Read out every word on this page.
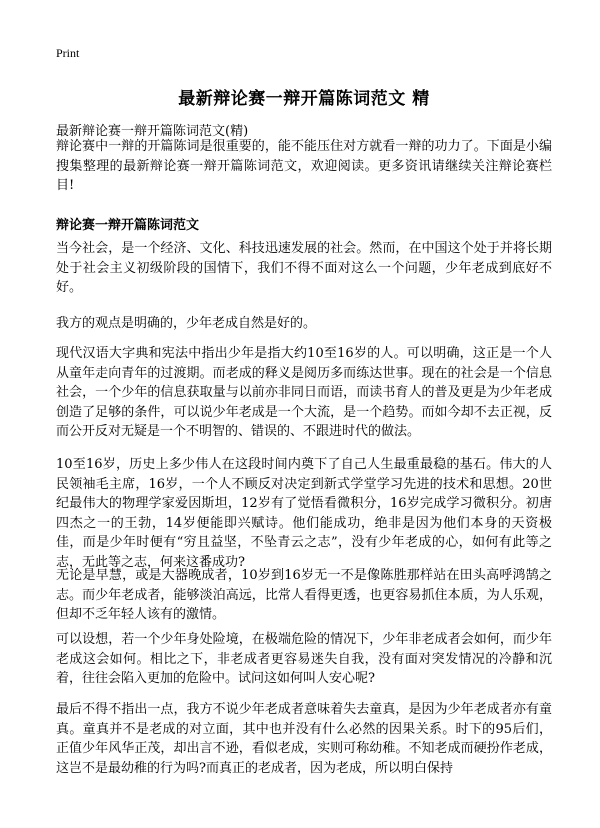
Print
最新辩论赛一辩开篇陈词范文 精
最新辩论赛一辩开篇陈词范文(精)

辩论赛中一辩的开篇陈词是很重要的，能不能压住对方就看一辩的功力了。下面是小编搜集整理的最新辩论赛一辩开篇陈词范文，欢迎阅读。更多资讯请继续关注辩论赛栏目!

辩论赛一辩开篇陈词范文

当今社会，是一个经济、文化、科技迅速发展的社会。然而，在中国这个处于并将长期处于社会主义初级阶段的国情下，我们不得不面对这么一个问题，少年老成到底好不好。

我方的观点是明确的，少年老成自然是好的。

现代汉语大字典和宪法中指出少年是指大约10至16岁的人。可以明确，这正是一个人从童年走向青年的过渡期。而老成的释义是阅历多而练达世事。现在的社会是一个信息社会，一个少年的信息获取量与以前亦非同日而语，而读书育人的普及更是为少年老成创造了足够的条件，可以说少年老成是一个大流，是一个趋势。而如今却不去正视，反而公开反对无疑是一个不明智的、错误的、不跟进时代的做法。

10至16岁，历史上多少伟人在这段时间内奠下了自己人生最重最稳的基石。伟大的人民领袖毛主席，16岁，一个人不顾反对决定到新式学堂学习先进的技术和思想。20世纪最伟大的物理学家爱因斯坦，12岁有了觉悟看微积分，16岁完成学习微积分。初唐四杰之一的王勃，14岁便能即兴赋诗。他们能成功，绝非是因为他们本身的天资极佳，而是少年时便有“穷且益坚，不坠青云之志”，没有少年老成的心，如何有此等之志，无此等之志，何来这番成功?

无论是早慧，或是大器晚成者，10岁到16岁无一不是像陈胜那样站在田头高呼鸿鹄之志。而少年老成者，能够淡泊高远，比常人看得更透，也更容易抓住本质，为人乐观，但却不乏年轻人该有的激情。

可以设想，若一个少年身处险境，在极端危险的情况下，少年非老成者会如何，而少年老成这会如何。相比之下，非老成者更容易迷失自我，没有面对突发情况的冷静和沉着，往往会陷入更加的危险中。试问这如何叫人安心呢?

最后不得不指出一点，我方不说少年老成者意味着失去童真，是因为少年老成者亦有童真。童真并不是老成的对立面，其中也并没有什么必然的因果关系。时下的95后们，正值少年风华正茂，却出言不逊，看似老成，实则可称幼稚。不知老成而硬扮作老成，这岂不是最幼稚的行为吗?而真正的老成者，因为老成，所以明白保持
